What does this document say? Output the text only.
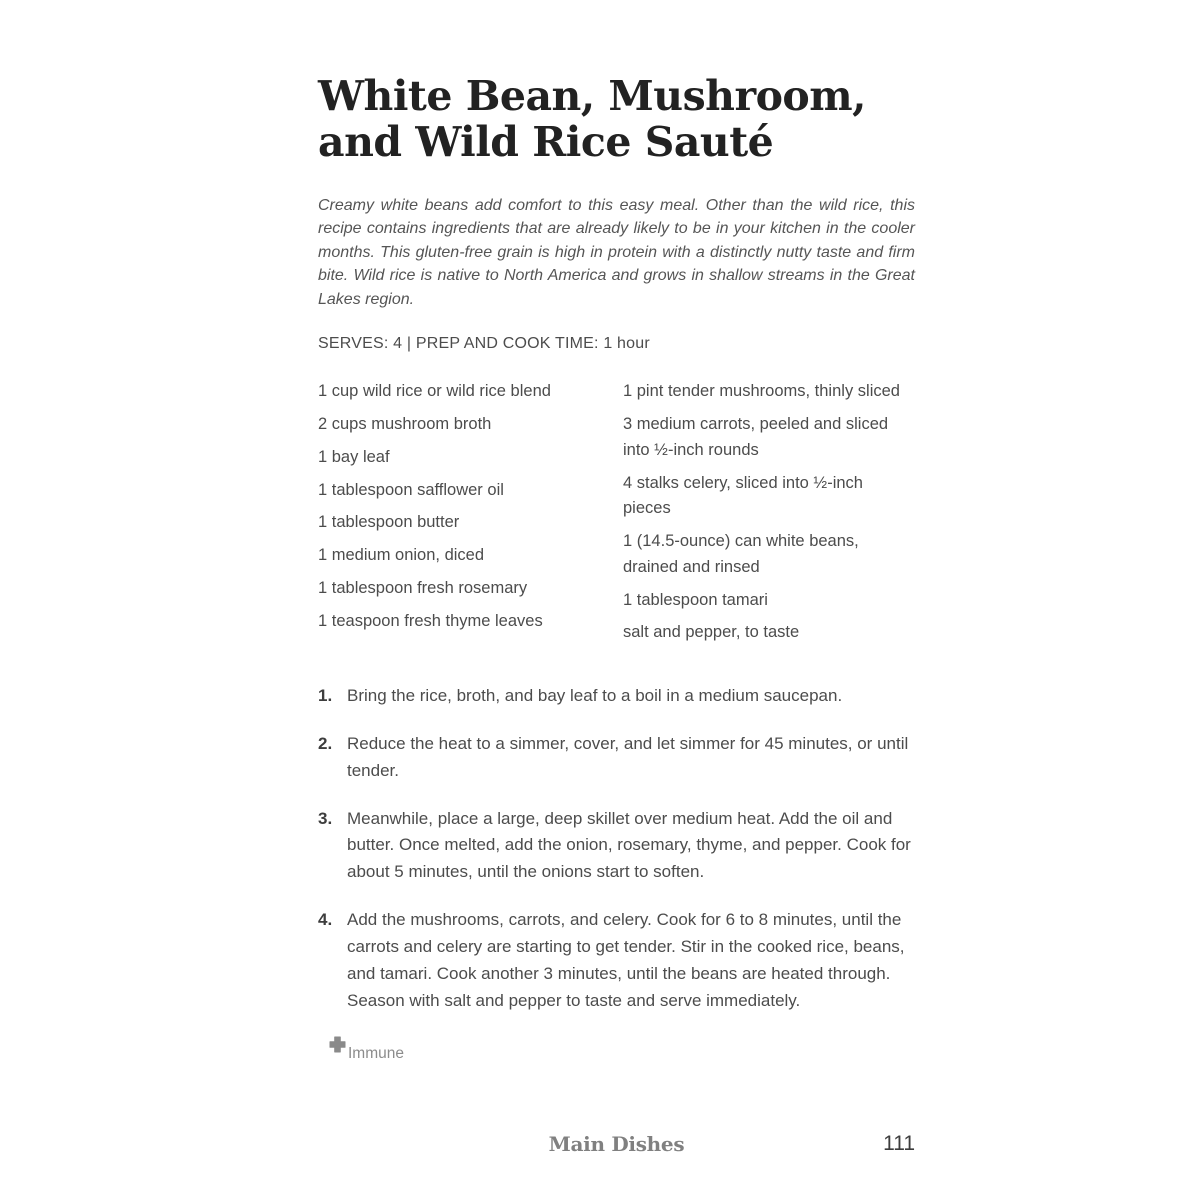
White Bean, Mushroom, and Wild Rice Sauté

Creamy white beans add comfort to this easy meal. Other than the wild rice, this recipe contains ingredients that are already likely to be in your kitchen in the cooler months. This gluten-free grain is high in protein with a distinctly nutty taste and firm bite. Wild rice is native to North America and grows in shallow streams in the Great Lakes region.

SERVES: 4 | PREP AND COOK TIME: 1 hour

1 cup wild rice or wild rice blend
2 cups mushroom broth
1 bay leaf
1 tablespoon safflower oil
1 tablespoon butter
1 medium onion, diced
1 tablespoon fresh rosemary
1 teaspoon fresh thyme leaves
1 pint tender mushrooms, thinly sliced
3 medium carrots, peeled and sliced into ½-inch rounds
4 stalks celery, sliced into ½-inch pieces
1 (14.5-ounce) can white beans, drained and rinsed
1 tablespoon tamari
salt and pepper, to taste
Bring the rice, broth, and bay leaf to a boil in a medium saucepan.
Reduce the heat to a simmer, cover, and let simmer for 45 minutes, or until tender.
Meanwhile, place a large, deep skillet over medium heat. Add the oil and butter. Once melted, add the onion, rosemary, thyme, and pepper. Cook for about 5 minutes, until the onions start to soften.
Add the mushrooms, carrots, and celery. Cook for 6 to 8 minutes, until the carrots and celery are starting to get tender. Stir in the cooked rice, beans, and tamari. Cook another 3 minutes, until the beans are heated through. Season with salt and pepper to taste and serve immediately.
Immune
Main Dishes	111
